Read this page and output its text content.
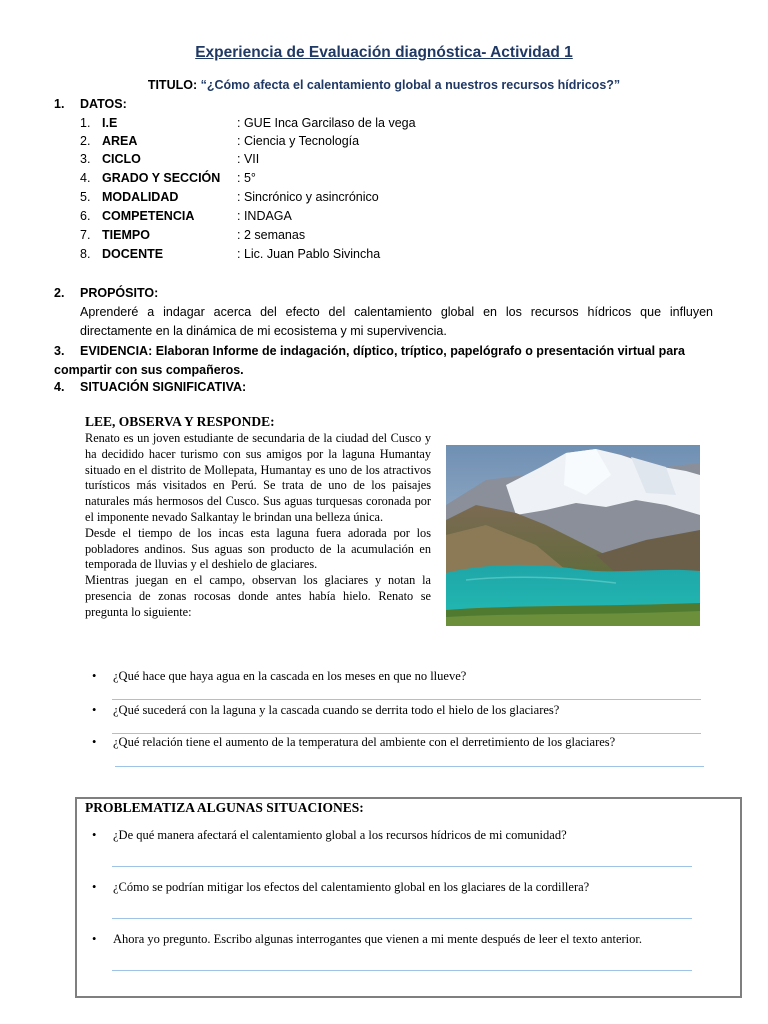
Experiencia de Evaluación diagnóstica- Actividad 1
TITULO: “¿Cómo afecta el calentamiento global a nuestros recursos hídricos?”
1. DATOS:
1. I.E	: GUE Inca Garcilaso de la vega
2. AREA	: Ciencia y Tecnología
3. CICLO	: VII
4. GRADO Y SECCIÓN : 5°
5. MODALIDAD	: Sincrónico y asincrónico
6. COMPETENCIA	: INDAGA
7. TIEMPO	: 2 semanas
8. DOCENTE	: Lic. Juan Pablo Sivincha
2. PROPÓSITO:
Aprenderé a indagar acerca del efecto del calentamiento global en los recursos hídricos que influyen directamente en la dinámica de mi ecosistema y mi supervivencia.
3. EVIDENCIA: Elaboran Informe de indagación, díptico, tríptico, papelógrafo o presentación virtual para compartir con sus compañeros.
4. SITUACIÓN SIGNIFICATIVA:
LEE, OBSERVA Y RESPONDE:

Renato es un joven estudiante de secundaria de la ciudad del Cusco y ha decidido hacer turismo con sus amigos por la laguna Humantay situado en el distrito de Mollepata, Humantay es uno de los atractivos turísticos más visitados en Perú. Se trata de uno de los paisajes naturales más hermosos del Cusco. Sus aguas turquesas coronada por el imponente nevado Salkantay le brindan una belleza única.

Desde el tiempo de los incas esta laguna fuera adorada por los pobladores andinos. Sus aguas son producto de la acumulación en temporada de lluvias y el deshielo de glaciares.

Mientras juegan en el campo, observan los glaciares y notan la presencia de zonas rocosas donde antes había hielo. Renato se pregunta lo siguiente:

• ¿Qué hace que haya agua en la cascada en los meses en que no llueve?
• ¿Qué sucederá con la laguna y la cascada cuando se derrita todo el hielo de los glaciares?
• ¿Qué relación tiene el aumento de la temperatura del ambiente con el derretimiento de los glaciares?
PROBLEMATIZA ALGUNAS SITUACIONES:
• ¿De qué manera afectará el calentamiento global a los recursos hídricos de mi comunidad?
• ¿Cómo se podrían mitigar los efectos del calentamiento global en los glaciares de la cordillera?
• Ahora yo pregunto. Escribo algunas interrogantes que vienen a mi mente después de leer el texto anterior.
